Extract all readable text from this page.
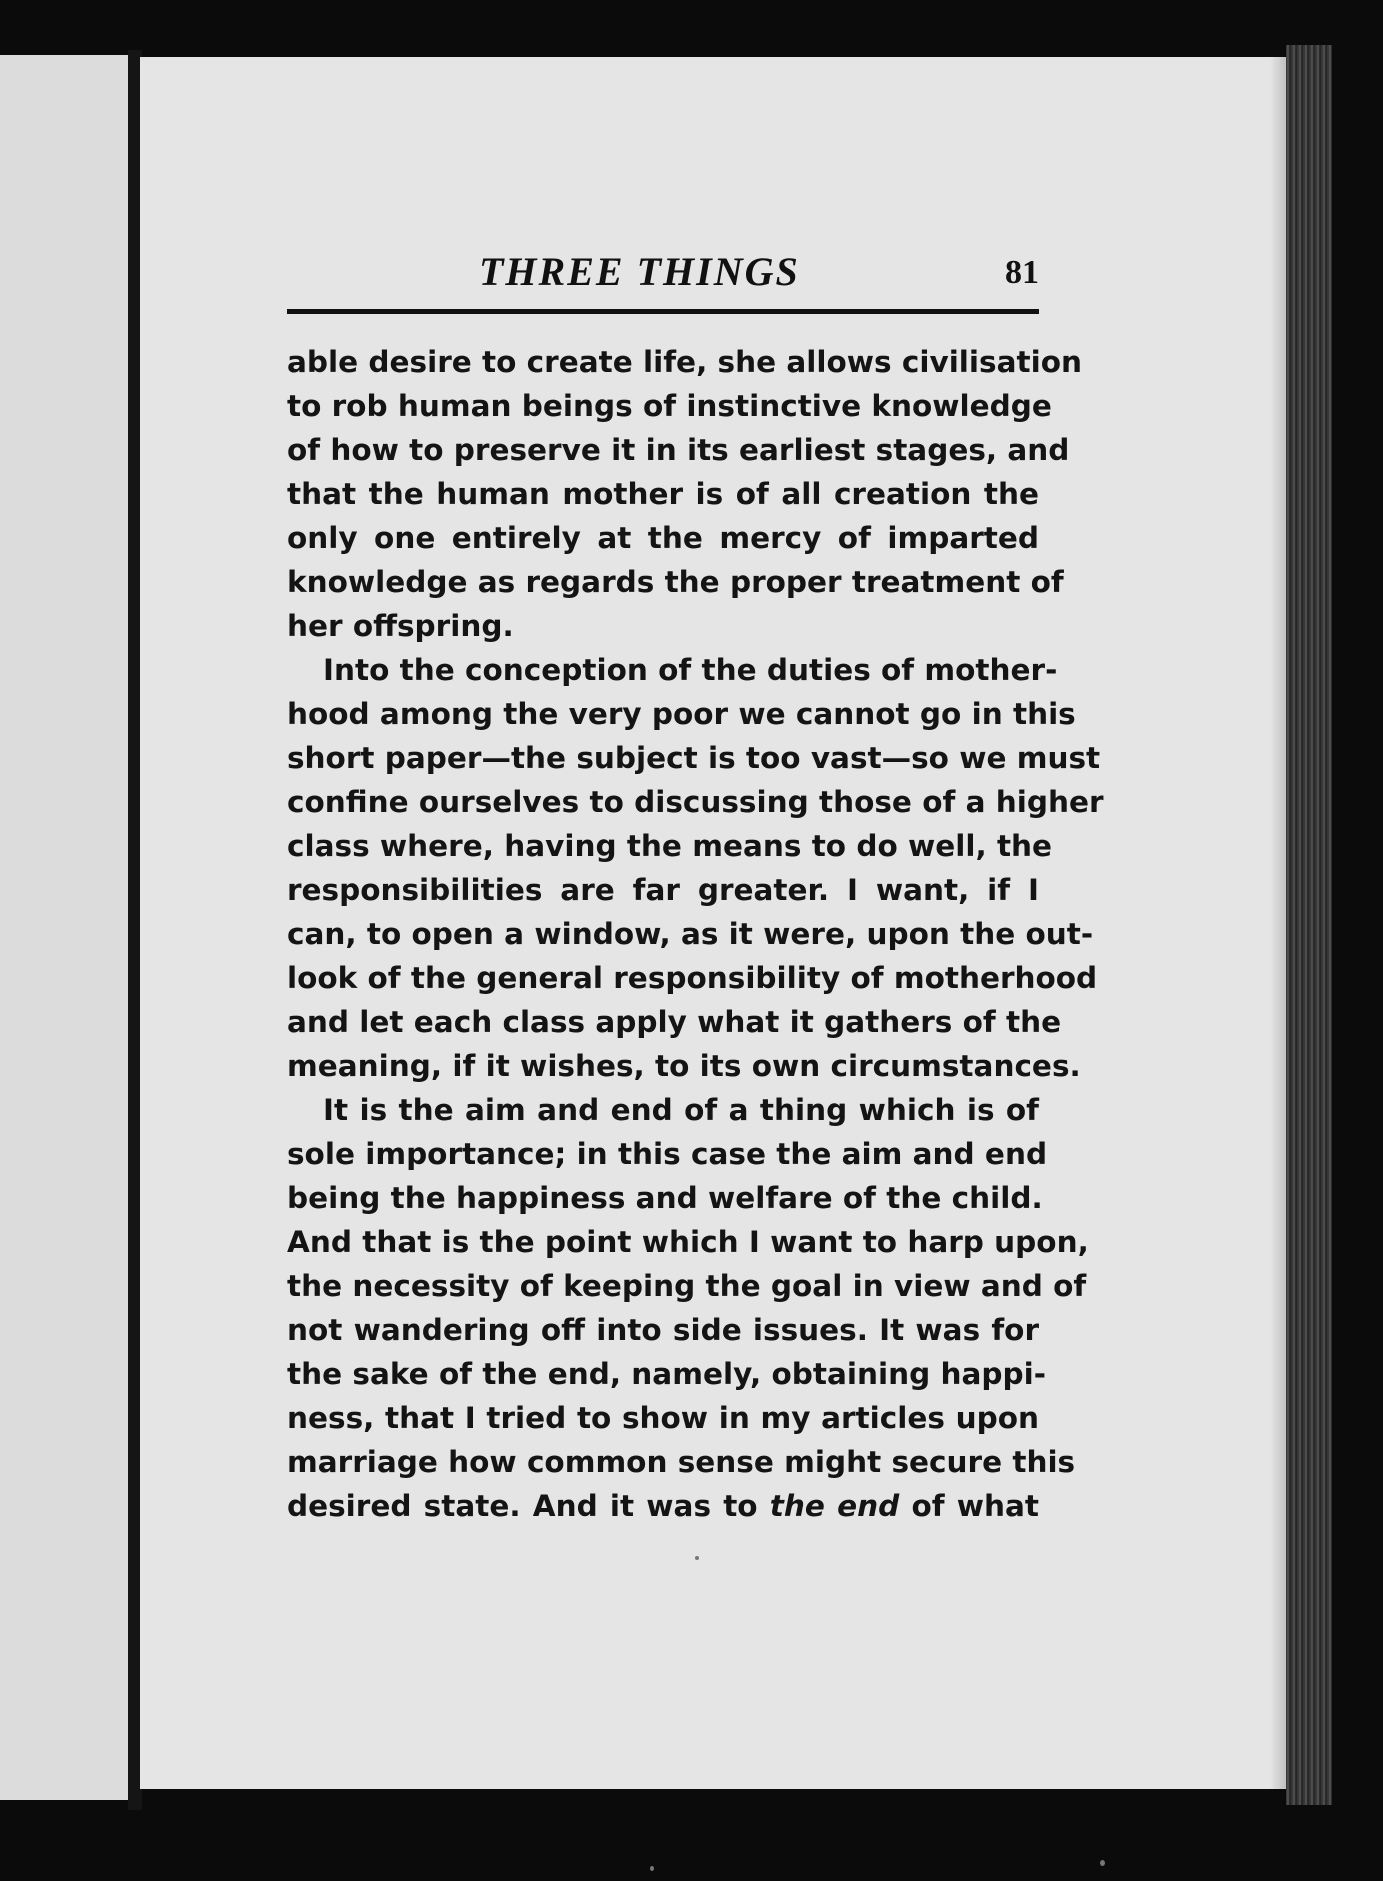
THREE THINGS	81
able desire to create life, she allows civilisation
to rob human beings of instinctive knowledge
of how to preserve it in its earliest stages, and
that the human mother is of all creation the
only one entirely at the mercy of imparted
knowledge as regards the proper treatment of
her offspring.
Into the conception of the duties of mother-
hood among the very poor we cannot go in this
short paper—the subject is too vast—so we must
confine ourselves to discussing those of a higher
class where, having the means to do well, the
responsibilities are far greater. I want, if I
can, to open a window, as it were, upon the out-
look of the general responsibility of motherhood
and let each class apply what it gathers of the
meaning, if it wishes, to its own circumstances.
It is the aim and end of a thing which is of
sole importance; in this case the aim and end
being the happiness and welfare of the child.
And that is the point which I want to harp upon,
the necessity of keeping the goal in view and of
not wandering off into side issues. It was for
the sake of the end, namely, obtaining happi-
ness, that I tried to show in my articles upon
marriage how common sense might secure this
desired state. And it was to the end of what
